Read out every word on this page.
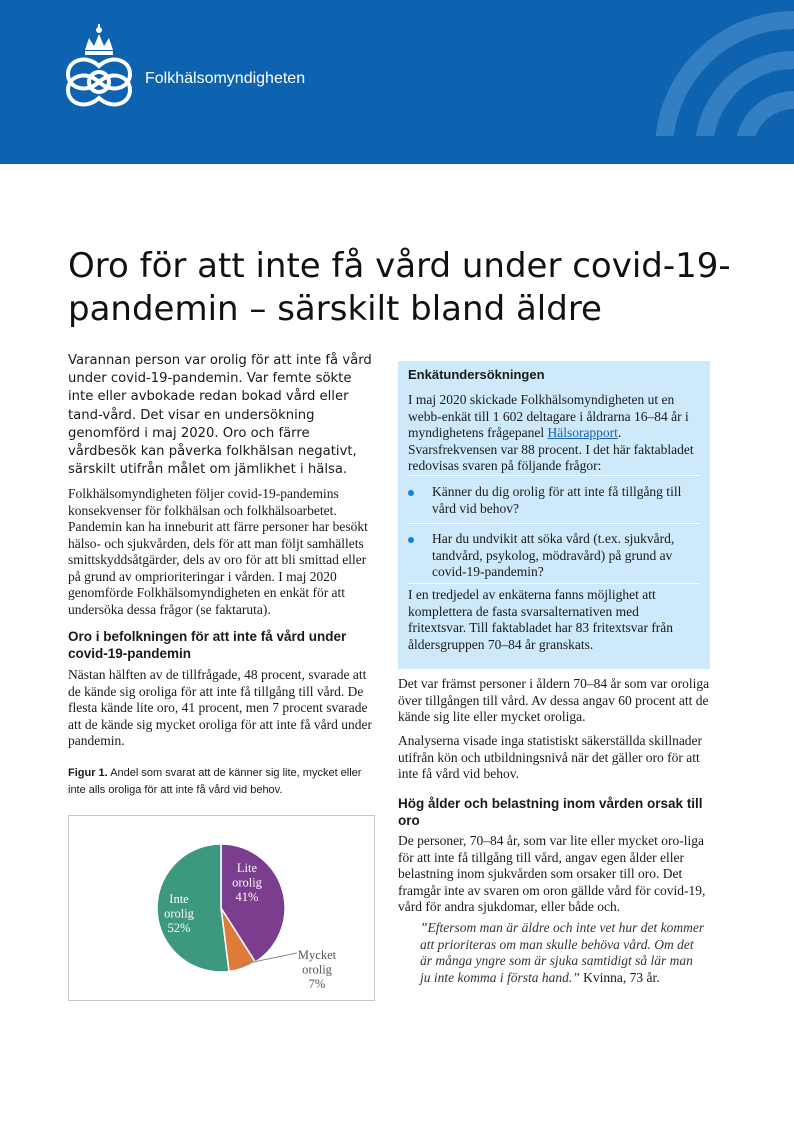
Folkhälsomyndigheten
Oro för att inte få vård under covid-19-pandemin – särskilt bland äldre

Varannan person var orolig för att inte få vård under covid-19-pandemin. Var femte sökte inte eller avbokade redan bokad vård eller tand-vård. Det visar en undersökning genomförd i maj 2020. Oro och färre vårdbesök kan påverka folkhälsan negativt, särskilt utifrån målet om jämlikhet i hälsa.

Folkhälsomyndigheten följer covid-19-pandemins konsekvenser för folkhälsan och folkhälsoarbetet. Pandemin kan ha inneburit att färre personer har besökt hälso- och sjukvården, dels för att man följt samhällets smittskyddsåtgärder, dels av oro för att bli smittad eller på grund av omprioriteringar i vården. I maj 2020 genomförde Folkhälsomyndigheten en enkät för att undersöka dessa frågor (se faktaruta).

Oro i befolkningen för att inte få vård under covid-19-pandemin

Nästan hälften av de tillfrågade, 48 procent, svarade att de kände sig oroliga för att inte få tillgång till vård. De flesta kände lite oro, 41 procent, men 7 procent svarade att de kände sig mycket oroliga för att inte få vård under pandemin.

Figur 1. Andel som svarat att de känner sig lite, mycket eller inte alls oroliga för att inte få vård vid behov.
Lite
orolig
41%
Mycket
orolig
7%
Inte
orolig
52%
Enkätundersökningen
I maj 2020 skickade Folkhälsomyndigheten ut en webb-enkät till 1 602 deltagare i åldrarna 16–84 år i myndighetens frågepanel Hälsorapport. Svarsfrekvensen var 88 procent. I det här faktabladet redovisas svaren på följande frågor:
Känner du dig orolig för att inte få tillgång till vård vid behov?
Har du undvikit att söka vård (t.ex. sjukvård, tandvård, psykolog, mödravård) på grund av covid-19-pandemin?
I en tredjedel av enkäterna fanns möjlighet att komplettera de fasta svarsalternativen med fritextsvar. Till faktabladet har 83 fritextsvar från åldersgruppen 70–84 år granskats.

Det var främst personer i åldern 70–84 år som var oroliga över tillgången till vård. Av dessa angav 60 procent att de kände sig lite eller mycket oroliga.

Analyserna visade inga statistiskt säkerställda skillnader utifrån kön och utbildningsnivå när det gäller oro för att inte få vård vid behov.

Hög ålder och belastning inom vården orsak till oro

De personer, 70–84 år, som var lite eller mycket oro-liga för att inte få tillgång till vård, angav egen ålder eller belastning inom sjukvården som orsaker till oro. Det framgår inte av svaren om oron gällde vård för covid-19, vård för andra sjukdomar, eller både och.

”Eftersom man är äldre och inte vet hur det kommer att prioriteras om man skulle behöva vård. Om det är många yngre som är sjuka samtidigt så lär man ju inte komma i första hand.” Kvinna, 73 år.
